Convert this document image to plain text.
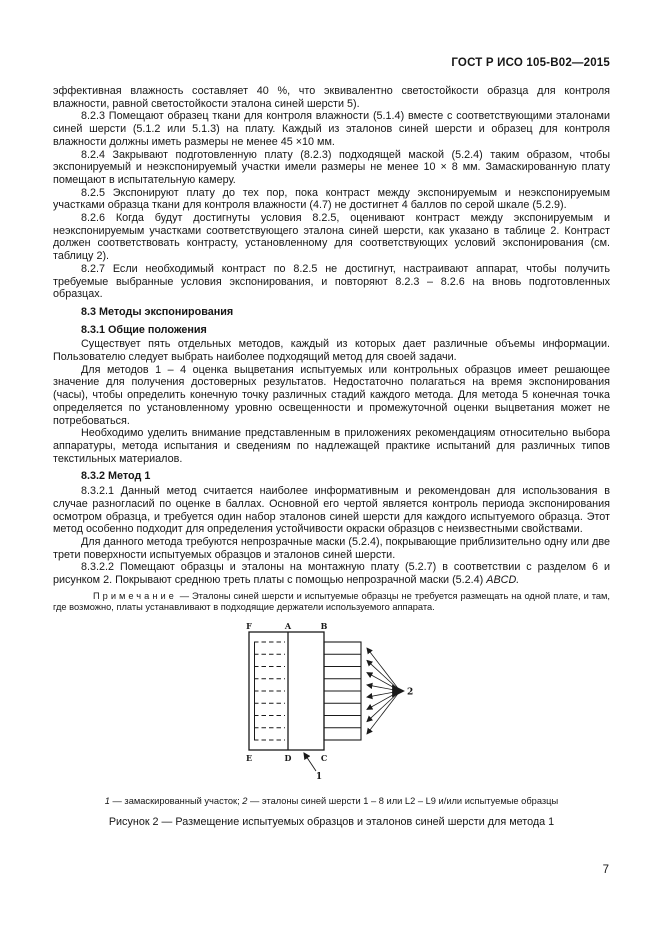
ГОСТ Р ИСО 105-В02—2015

эффективная влажность составляет 40 %, что эквивалентно светостойкости образца для контроля влажности, равной светостойкости эталона синей шерсти 5).

8.2.3 Помещают образец ткани для контроля влажности (5.1.4) вместе с соответствующими эталонами синей шерсти (5.1.2 или 5.1.3) на плату. Каждый из эталонов синей шерсти и образец для контроля влажности должны иметь размеры не менее 45 ×10 мм.

8.2.4 Закрывают подготовленную плату (8.2.3) подходящей маской (5.2.4) таким образом, чтобы экспонируемый и неэкспонируемый участки имели размеры не менее 10 × 8 мм. Замаскированную плату помещают в испытательную камеру.

8.2.5 Экспонируют плату до тех пор, пока контраст между экспонируемым и неэкспонируемым участками образца ткани для контроля влажности (4.7) не достигнет 4 баллов по серой шкале (5.2.9).

8.2.6 Когда будут достигнуты условия 8.2.5, оценивают контраст между экспонируемым и неэкспонируемым участками соответствующего эталона синей шерсти, как указано в таблице 2. Контраст должен соответствовать контрасту, установленному для соответствующих условий экспонирования (см. таблицу 2).

8.2.7 Если необходимый контраст по 8.2.5 не достигнут, настраивают аппарат, чтобы получить требуемые выбранные условия экспонирования, и повторяют 8.2.3 – 8.2.6 на вновь подготовленных образцах.

8.3 Методы экспонирования

8.3.1 Общие положения

Существует пять отдельных методов, каждый из которых дает различные объемы информации. Пользователю следует выбрать наиболее подходящий метод для своей задачи.

Для методов 1 – 4 оценка выцветания испытуемых или контрольных образцов имеет решающее значение для получения достоверных результатов. Недостаточно полагаться на время экспонирования (часы), чтобы определить конечную точку различных стадий каждого метода. Для метода 5 конечная точка определяется по установленному уровню освещенности и промежуточной оценки выцветания может не потребоваться.

Необходимо уделить внимание представленным в приложениях рекомендациям относительно выбора аппаратуры, метода испытания и сведениям по надлежащей практике испытаний для различных типов текстильных материалов.

8.3.2 Метод 1

8.3.2.1 Данный метод считается наиболее информативным и рекомендован для использования в случае разногласий по оценке в баллах. Основной его чертой является контроль периода экспонирования осмотром образца, и требуется один набор эталонов синей шерсти для каждого испытуемого образца. Этот метод особенно подходит для определения устойчивости окраски образцов с неизвестными свойствами.

Для данного метода требуются непрозрачные маски (5.2.4), покрывающие приблизительно одну или две трети поверхности испытуемых образцов и эталонов синей шерсти.

8.3.2.2 Помещают образцы и эталоны на монтажную плату (5.2.7) в соответствии с разделом 6 и рисунком 2. Покрывают среднюю треть платы с помощью непрозрачной маски (5.2.4) ABCD.

Примечание — Эталоны синей шерсти и испытуемые образцы не требуется размещать на одной плате, и там, где возможно, платы устанавливают в подходящие держатели используемого аппарата.

F	A	B
E	D	C
1
2

1 — замаскированный участок; 2 — эталоны синей шерсти 1 – 8 или L2 – L9 и/или испытуемые образцы

Рисунок 2 — Размещение испытуемых образцов и эталонов синей шерсти для метода 1

7
